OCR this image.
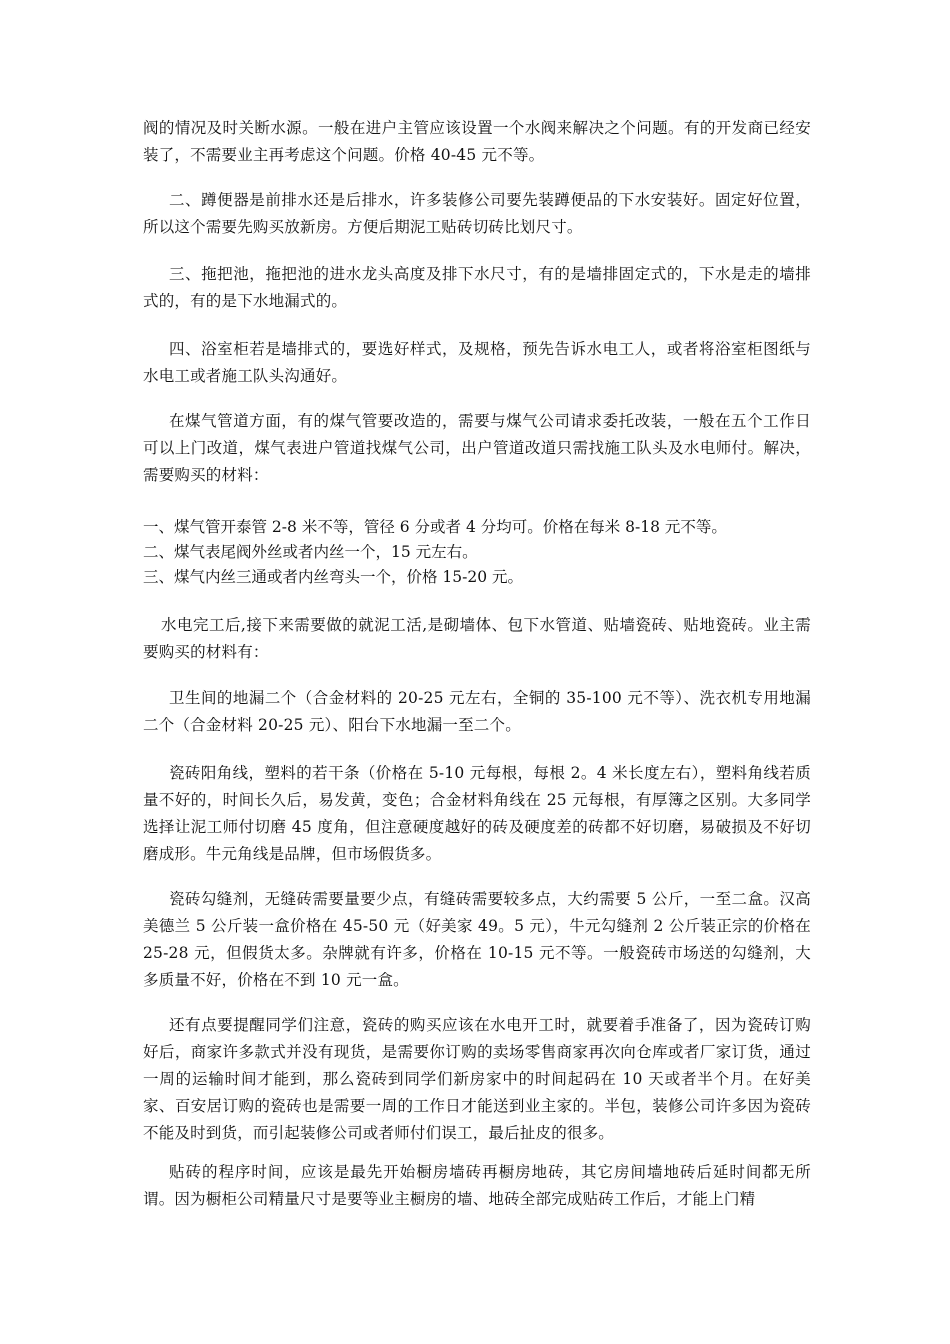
阀的情况及时关断水源。一般在进户主管应该设置一个水阀来解决之个问题。有的开发商已经安装了，不需要业主再考虑这个问题。价格 40-45 元不等。

二、蹲便器是前排水还是后排水，许多装修公司要先装蹲便品的下水安装好。固定好位置，所以这个需要先购买放新房。方便后期泥工贴砖切砖比划尺寸。

三、拖把池，拖把池的进水龙头高度及排下水尺寸，有的是墙排固定式的，下水是走的墙排式的，有的是下水地漏式的。

四、浴室柜若是墙排式的，要选好样式，及规格，预先告诉水电工人，或者将浴室柜图纸与水电工或者施工队头沟通好。

在煤气管道方面，有的煤气管要改造的，需要与煤气公司请求委托改装，一般在五个工作日可以上门改道，煤气表进户管道找煤气公司，出户管道改道只需找施工队头及水电师付。解决，需要购买的材料：

一、煤气管开泰管 2-8 米不等，管径 6 分或者 4 分均可。价格在每米 8-18 元不等。

二、煤气表尾阀外丝或者内丝一个，15 元左右。

三、煤气内丝三通或者内丝弯头一个，价格 15-20 元。

水电完工后,接下来需要做的就泥工活,是砌墙体、包下水管道、贴墙瓷砖、贴地瓷砖。业主需要购买的材料有：

卫生间的地漏二个（合金材料的 20-25 元左右，全铜的 35-100 元不等）、洗衣机专用地漏二个（合金材料 20-25 元）、阳台下水地漏一至二个。

瓷砖阳角线，塑料的若干条（价格在 5-10 元每根，每根 2。4 米长度左右），塑料角线若质量不好的，时间长久后，易发黄，变色；合金材料角线在 25 元每根，有厚簿之区别。大多同学选择让泥工师付切磨 45 度角，但注意硬度越好的砖及硬度差的砖都不好切磨，易破损及不好切磨成形。牛元角线是品牌，但市场假货多。

瓷砖勾缝剂，无缝砖需要量要少点，有缝砖需要较多点，大约需要 5 公斤，一至二盒。汉高美德兰 5 公斤装一盒价格在 45-50 元（好美家 49。5 元），牛元勾缝剂 2 公斤装正宗的价格在 25-28 元，但假货太多。杂牌就有许多，价格在 10-15 元不等。一般瓷砖市场送的勾缝剂，大多质量不好，价格在不到 10 元一盒。

还有点要提醒同学们注意，瓷砖的购买应该在水电开工时，就要着手准备了，因为瓷砖订购好后，商家许多款式并没有现货，是需要你订购的卖场零售商家再次向仓库或者厂家订货，通过一周的运输时间才能到，那么瓷砖到同学们新房家中的时间起码在 10 天或者半个月。在好美家、百安居订购的瓷砖也是需要一周的工作日才能送到业主家的。半包，装修公司许多因为瓷砖不能及时到货，而引起装修公司或者师付们误工，最后扯皮的很多。

贴砖的程序时间，应该是最先开始橱房墙砖再橱房地砖，其它房间墙地砖后延时间都无所谓。因为橱柜公司精量尺寸是要等业主橱房的墙、地砖全部完成贴砖工作后，才能上门精
